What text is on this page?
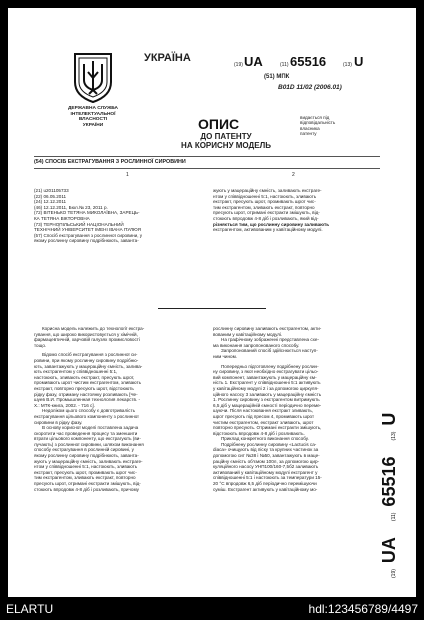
ДЕРЖАВНА СЛУЖБА
ІНТЕЛЕКТУАЛЬНОЇ
ВЛАСНОСТІ
УКРАЇНИ
УКРАЇНА
(19) UA	(11) 65516	(13) U
(51) МПК
B01D 11/02 (2006.01)
ОПИС
ДО ПАТЕНТУ
НА КОРИСНУ МОДЕЛЬ
видається під
відповідальність
власника
патенту
(54) СПОСІБ ЕКСТРАГУВАННЯ З РОСЛИННОЇ СИРОВИНИ
1	2
(21) u201105733
(22) 06.05.2011
(24) 12.12.2011
(46) 12.12.2011, Бюл.№ 23, 2011 р.
(72) ВІТЕНЬКО ТЕТЯНА МИКОЛАЇВНА, ЗАРЕЦЬ-
КА ТЕТЯНА ВІКТОРОВНА
(73) ТЕРНОПІЛЬСЬКИЙ НАЦІОНАЛЬНИЙ
ТЕХНІЧНИЙ УНІВЕРСИТЕТ ІМЕНІ ІВАНА ПУЛЮЯ
(57) Спосіб екстрагування з рослинної сировини, у
якому рослинну сировину подрібнюють, заванта-
жують у мацераційну ємність, заливають екстраге-
нтом у співвідношенні 5:1, настоюють, зливають
екстракт, пресують шрот, промивають шрот чис-
тим екстрагентом, зливають екстракт, повторно
пресують шрот, отримані екстракти змішують, від-
стоюють впродовж 4-8 діб і розливають, який від-
різняється тим, що рослинну сировину заливають
екстрагентом, активованим у кавітаційному модулі.
Корисна модель належить до технології екстра-
гування, що широко використовується у хімічній,
фармацевтичній, харчовій галузях промисловості
тощо.
Відомо спосіб екстрагування з рослинної си-
ровини, при якому рослинну сировину подрібню-
ють, завантажують у мацераційну ємність, залива-
ють екстрагентом у співвідношенні 5:1,
настоюють, зливають екстракт, пресують шрот,
промивають шрот чистим екстрагентом, зливають
екстракт, повторно пресують шрот, відстоюють
рідку фазу, отриману настоянку розливають [Че-
шуев В.И. Промышленная технология лекарств. -
Х.: МТК-книга, 2002. - 716 с].
Недоліком цього способу є довготривалість
екстрагування цільового компоненту з рослинної
сировини в рідку фазу.
В основу корисної моделі поставлена задача
скоротити час проведення процесу та зменшити
втрати цільового компоненту, що екстрагують (ви-
лучають) з рослинної сировини, шляхом виконання
способу екстрагування в рослинній сировині, у
якому рослинну сировину подрібнюють, заванта-
жують у мацераційну ємність, заливають екстраге-
нтом у співвідношенні 5:1, настоюють, зливають
екстракт, пресують шрот, промивають шрот чис-
тим екстрагентом, зливають екстракт, повторно
пресують шрот, отримані екстракти змішують, від-
стоюють впродовж 4-8 діб і розливають, причому
рослинну сировину заливають екстрагентом, акти-
вованим у кавітаційному модулі.
На графічному зображенні представлена схе-
ма виконання запропонованого способу.
Запропонований спосіб здійснюється наступ-
ним чином.
Попередньо підготовлену подрібнену рослин-
ну сировину, з якої необхідно екстрагувати цільо-
вий компонент, завантажують у мацераційну єм-
ність 1. Екстрагент у співвідношенні 5:1 активують
у кавітаційному модулі 2 і за допомогою циркуля-
ційного насосу 3 заливають у мацераційну ємність
1. Рослинну сировину з екстрагентом витримують
6,5 діб у мацераційній ємності періодично переме-
шуючи. Після настоювання екстракт зливають,
шрот пресують під пресом 4, промивають шрот
чистим екстрагентом, екстракт зливають, шрот
повторно пресують. Отримані екстракти змішують,
відстоюють впродовж 4-8 діб і розливають.
Приклад конкретного виконання способу.
Подрібнену рослинну сировину «Lactucis ca-
diaca» очищують від піску та крупних частинок за
допомогою сит №38 і №50, завантажують в маце-
раційну ємність об'ємом 100л, за допомогою цир-
куляційного насосу УНП100/160-7,5б2 заливають
активований у кавітаційному модулі екстрагент у
співвідношенні 5:1 і настоюють за температури 15-
20 °С впродовж 6,5 діб періодично перемішуючи
суміш. Екстрагент активують у кавітаційному мо-
(19)
UA
(11)
65516
(13)
U
ELARTU	hdl:123456789/4497
